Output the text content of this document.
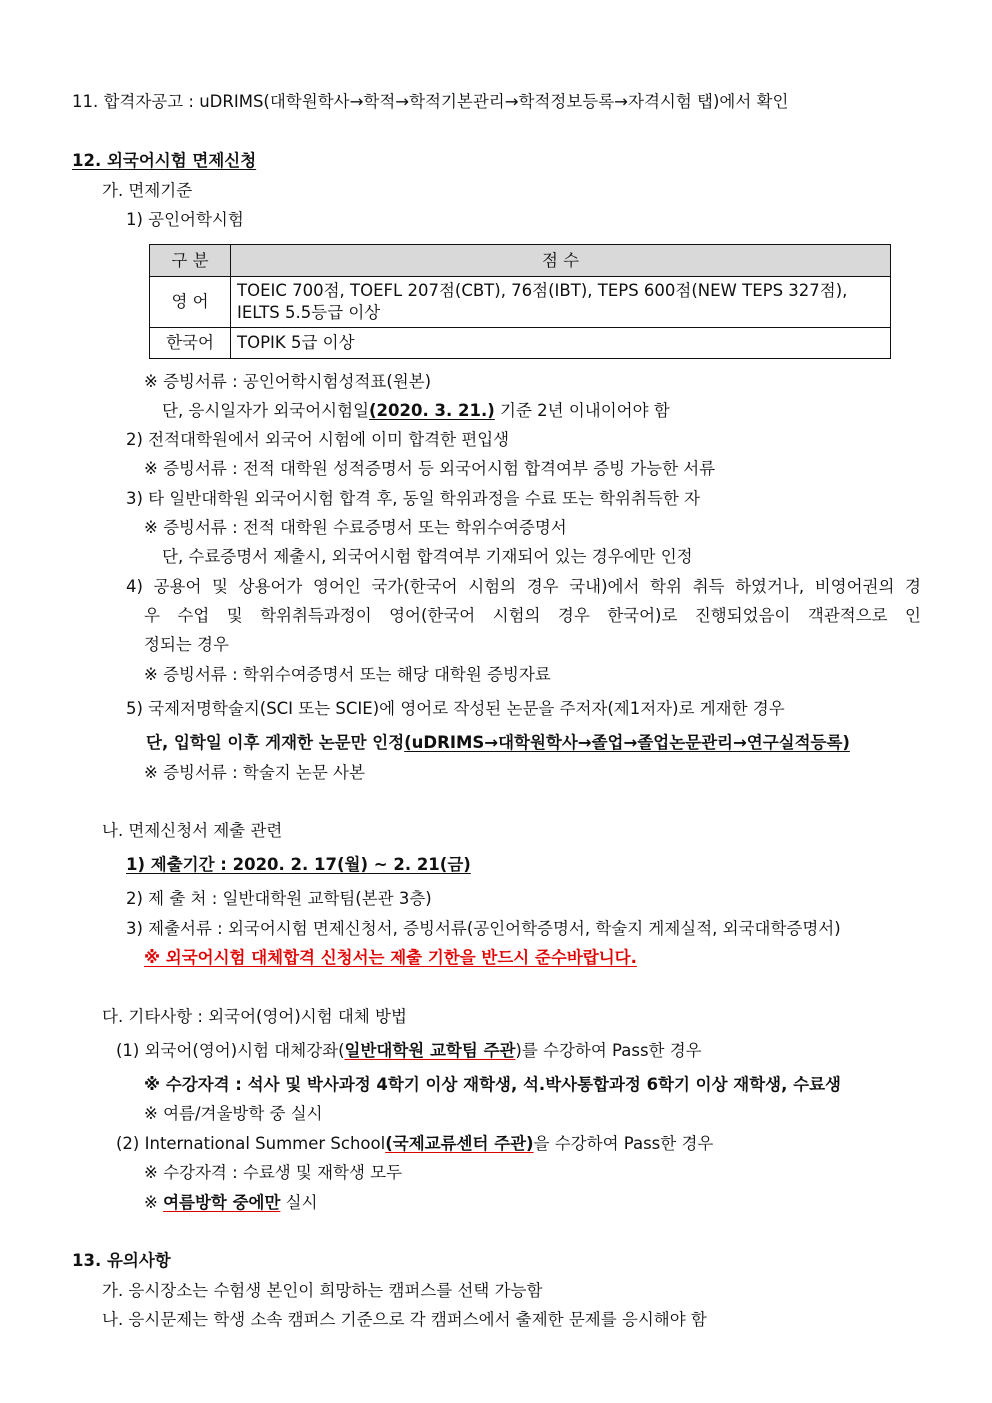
11. 합격자공고 : uDRIMS(대학원학사→학적→학적기본관리→학적정보등록→자격시험 탭)에서 확인
12. 외국어시험 면제신청
가. 면제기준
1) 공인어학시험
구 분	점 수
영 어	TOEIC 700점, TOEFL 207점(CBT), 76점(IBT), TEPS 600점(NEW TEPS 327점),
IELTS 5.5등급 이상

한국어	TOPIK 5급 이상
※ 증빙서류 : 공인어학시험성적표(원본)
단, 응시일자가 외국어시험일(2020. 3. 21.) 기준 2년 이내이어야 함
2) 전적대학원에서 외국어 시험에 이미 합격한 편입생
※ 증빙서류 : 전적 대학원 성적증명서 등 외국어시험 합격여부 증빙 가능한 서류
3) 타 일반대학원 외국어시험 합격 후, 동일 학위과정을 수료 또는 학위취득한 자
※ 증빙서류 : 전적 대학원 수료증명서 또는 학위수여증명서
단, 수료증명서 제출시, 외국어시험 합격여부 기재되어 있는 경우에만 인정
4) 공용어 및 상용어가 영어인 국가(한국어 시험의 경우 국내)에서 학위 취득 하였거나, 비영어권의 경
우 수업 및 학위취득과정이 영어(한국어 시험의 경우 한국어)로 진행되었음이 객관적으로 인
정되는 경우
※ 증빙서류 : 학위수여증명서 또는 해당 대학원 증빙자료
5) 국제저명학술지(SCI 또는 SCIE)에 영어로 작성된 논문을 주저자(제1저자)로 게재한 경우
단, 입학일 이후 게재한 논문만 인정(uDRIMS→대학원학사→졸업→졸업논문관리→연구실적등록)
※ 증빙서류 : 학술지 논문 사본
나. 면제신청서 제출 관련
1) 제출기간 : 2020. 2. 17(월) ~ 2. 21(금)
2) 제 출 처 : 일반대학원 교학팀(본관 3층)
3) 제출서류 : 외국어시험 면제신청서, 증빙서류(공인어학증명서, 학술지 게제실적, 외국대학증명서)
※ 외국어시험 대체합격 신청서는 제출 기한을 반드시 준수바랍니다.
다. 기타사항 : 외국어(영어)시험 대체 방법
(1) 외국어(영어)시험 대체강좌(일반대학원 교학팀 주관)를 수강하여 Pass한 경우
※ 수강자격 : 석사 및 박사과정 4학기 이상 재학생, 석.박사통합과정 6학기 이상 재학생, 수료생
※ 여름/겨울방학 중 실시
(2) International Summer School(국제교류센터 주관)을 수강하여 Pass한 경우
※ 수강자격 : 수료생 및 재학생 모두
※ 여름방학 중에만 실시
13. 유의사항
가. 응시장소는 수험생 본인이 희망하는 캠퍼스를 선택 가능함
나. 응시문제는 학생 소속 캠퍼스 기준으로 각 캠퍼스에서 출제한 문제를 응시해야 함
